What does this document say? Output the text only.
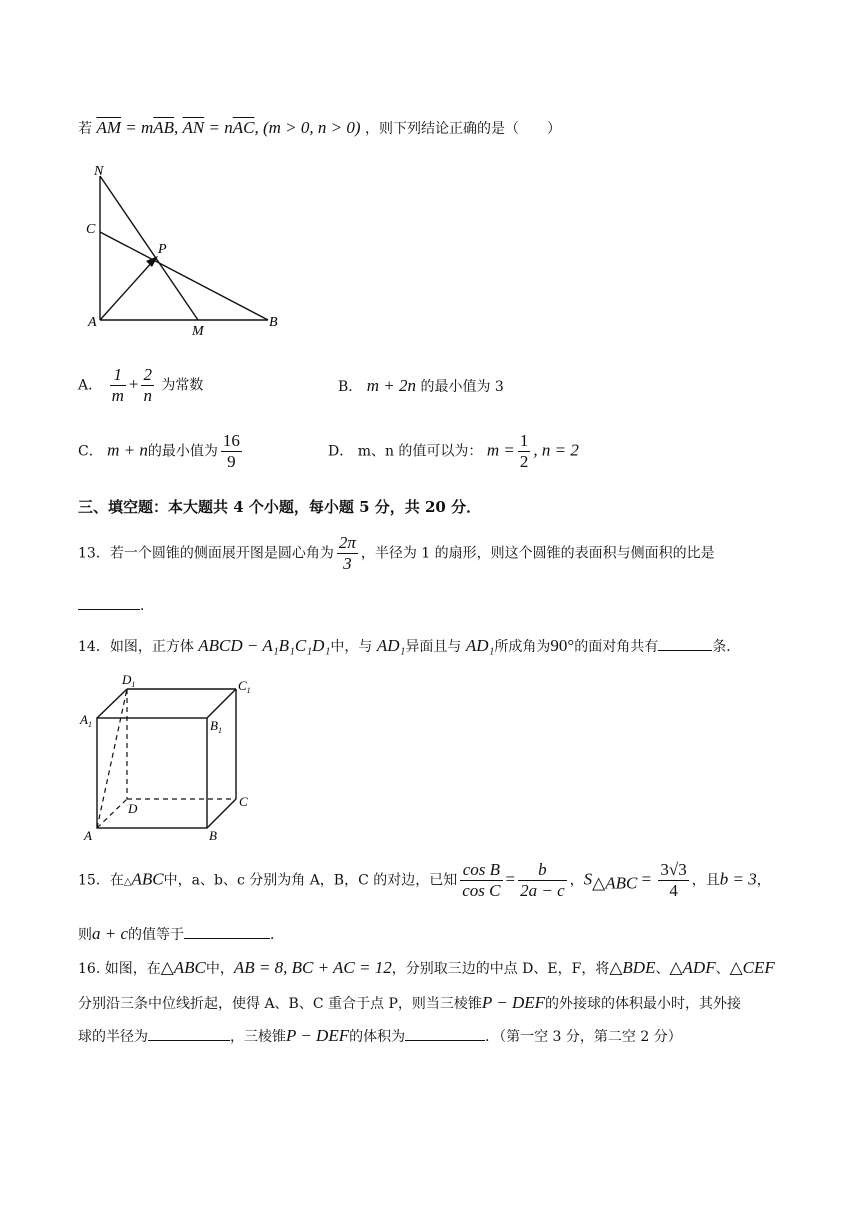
若 $\overline{AM} = m\overline{AB}$, $\overline{AN} = n\overline{AC}$, (m > 0, n > 0) ，则下列结论正确的是（　　）
N
C
P
A
M
B
A． $\frac{1}{m} + \frac{2}{n}$ 为常数	B． m + 2n 的最小值为 3
C． m + n的最小值为 $\frac{16}{9}$	D． m、n 的值可以为： $m = \frac{1}{2}$ , n = 2
三、填空题：本大题共 4 个小题，每小题 5 分，共 20 分．
13．若一个圆锥的侧面展开图是圆心角为 $\frac{2\pi}{3}$ ，半径为 1 的扇形，则这个圆锥的表面积与侧面积的比是
．
14．如图，正方体 ABCD − A₁B₁C₁D₁中，与 AD₁异面且与 AD₁所成角为90°的面对角共有	条．
$D_1$	$C_1$
$A_1$	$B_1$
D	C
A	B
15．在△ABC中，a、b、c 分别为角 A，B，C 的对边，已知 $\frac{\text{cos B}}{\text{cos C}} = \frac{b}{2a - c}$ ，$S_{\triangle ABC} = \frac{3√3}{4}$ ，且b = 3，
则a + c的值等于	．
16. 如图，在△ABC中，AB = 8, BC + AC = 12，分别取三边的中点 D、E，F，将△BDE、△ADF、△CEF
分别沿三条中位线折起，使得 A、B、C 重合于点 P，则当三棱锥P − DEF的外接球的体积最小时，其外接
球的半径为	，三棱锥P − DEF的体积为	．（第一空 3 分，第二空 2 分）
